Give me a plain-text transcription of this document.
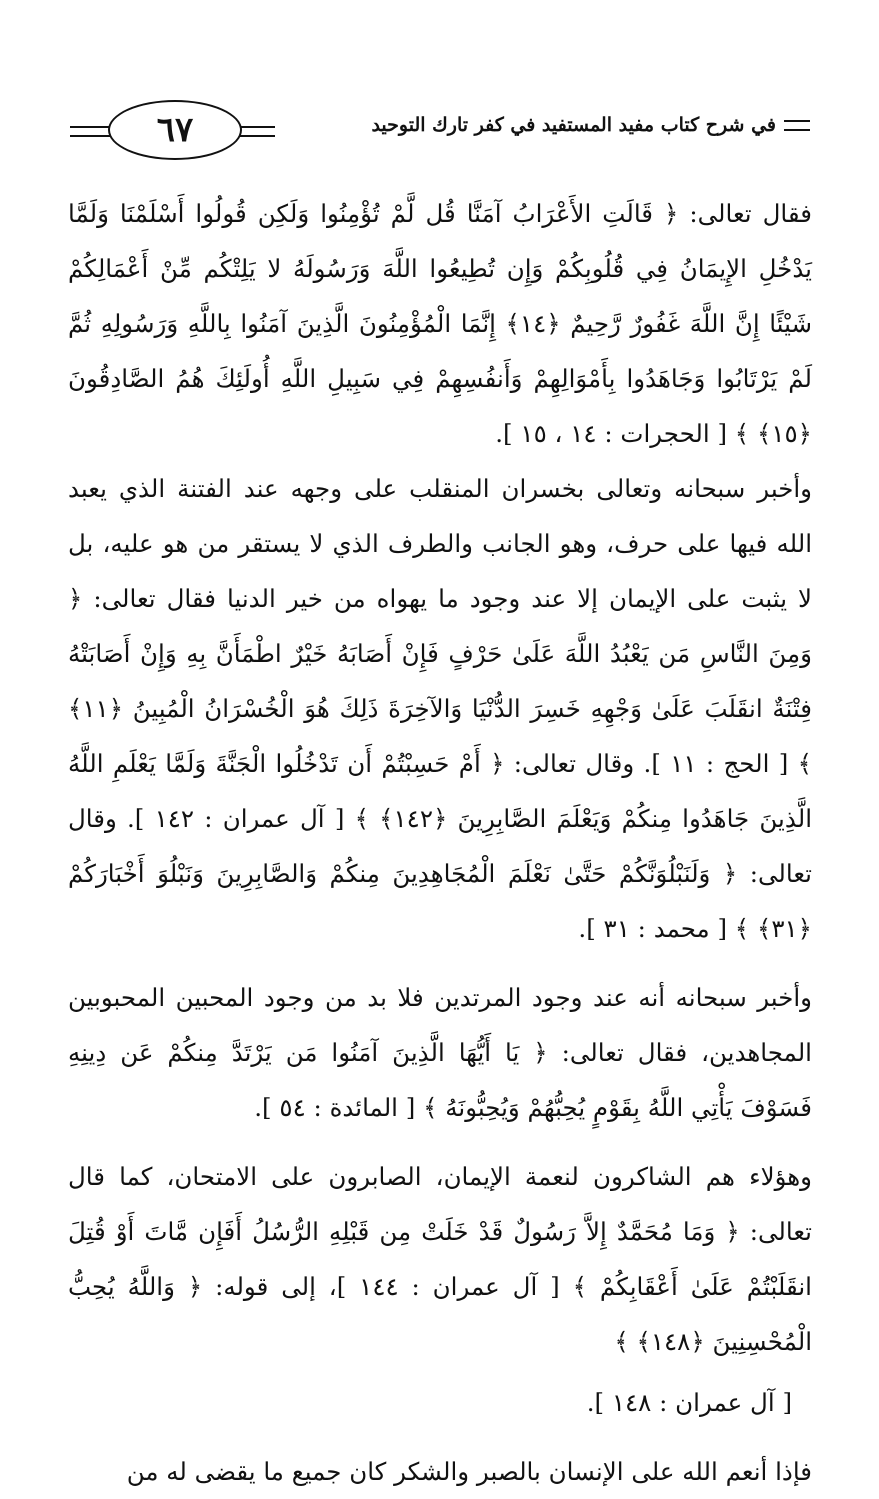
٦٧	في شرح كتاب مفيد المستفيد في كفر تارك التوحيد

فقال تعالى: ﴿ قَالَتِ الأَعْرَابُ آمَنَّا قُل لَّمْ تُؤْمِنُوا وَلَكِن قُولُوا أَسْلَمْنَا وَلَمَّا يَدْخُلِ الإِيمَانُ فِي قُلُوبِكُمْ وَإِن تُطِيعُوا اللَّهَ وَرَسُولَهُ لا يَلِتْكُم مِّنْ أَعْمَالِكُمْ شَيْئًا إِنَّ اللَّهَ غَفُورٌ رَّحِيمٌ ﴿١٤﴾ إِنَّمَا الْمُؤْمِنُونَ الَّذِينَ آمَنُوا بِاللَّهِ وَرَسُولِهِ ثُمَّ لَمْ يَرْتَابُوا وَجَاهَدُوا بِأَمْوَالِهِمْ وَأَنفُسِهِمْ فِي سَبِيلِ اللَّهِ أُولَئِكَ هُمُ الصَّادِقُونَ ﴿١٥﴾ ﴾ [ الحجرات : ١٤ ، ١٥ ].

وأخبر سبحانه وتعالى بخسران المنقلب على وجهه عند الفتنة الذي يعبد الله فيها على حرف، وهو الجانب والطرف الذي لا يستقر من هو عليه، بل لا يثبت على الإيمان إلا عند وجود ما يهواه من خير الدنيا فقال تعالى: ﴿ وَمِنَ النَّاسِ مَن يَعْبُدُ اللَّهَ عَلَىٰ حَرْفٍ فَإِنْ أَصَابَهُ خَيْرٌ اطْمَأَنَّ بِهِ وَإِنْ أَصَابَتْهُ فِتْنَةٌ انقَلَبَ عَلَىٰ وَجْهِهِ خَسِرَ الدُّنْيَا وَالآخِرَةَ ذَلِكَ هُوَ الْخُسْرَانُ الْمُبِينُ ﴿١١﴾ ﴾ [ الحج : ١١ ]. وقال تعالى: ﴿ أَمْ حَسِبْتُمْ أَن تَدْخُلُوا الْجَنَّةَ وَلَمَّا يَعْلَمِ اللَّهُ الَّذِينَ جَاهَدُوا مِنكُمْ وَيَعْلَمَ الصَّابِرِينَ ﴿١٤٢﴾ ﴾ [ آل عمران : ١٤٢ ]. وقال تعالى: ﴿ وَلَنَبْلُوَنَّكُمْ حَتَّىٰ نَعْلَمَ الْمُجَاهِدِينَ مِنكُمْ وَالصَّابِرِينَ وَنَبْلُوَ أَخْبَارَكُمْ ﴿٣١﴾ ﴾ [ محمد : ٣١ ].

وأخبر سبحانه أنه عند وجود المرتدين فلا بد من وجود المحبين المحبوبين المجاهدين، فقال تعالى: ﴿ يَا أَيُّهَا الَّذِينَ آمَنُوا مَن يَرْتَدَّ مِنكُمْ عَن دِينِهِ فَسَوْفَ يَأْتِي اللَّهُ بِقَوْمٍ يُحِبُّهُمْ وَيُحِبُّونَهُ ﴾ [ المائدة : ٥٤ ].

وهؤلاء هم الشاكرون لنعمة الإيمان، الصابرون على الامتحان، كما قال تعالى: ﴿ وَمَا مُحَمَّدٌ إِلاَّ رَسُولٌ قَدْ خَلَتْ مِن قَبْلِهِ الرُّسُلُ أَفَإِن مَّاتَ أَوْ قُتِلَ انقَلَبْتُمْ عَلَىٰ أَعْقَابِكُمْ ﴾ [ آل عمران : ١٤٤ ]، إلى قوله: ﴿ وَاللَّهُ يُحِبُّ الْمُحْسِنِينَ ﴿١٤٨﴾ ﴾

[ آل عمران : ١٤٨ ].

فإذا أنعم الله على الإنسان بالصبر والشكر كان جميع ما يقضى له من
